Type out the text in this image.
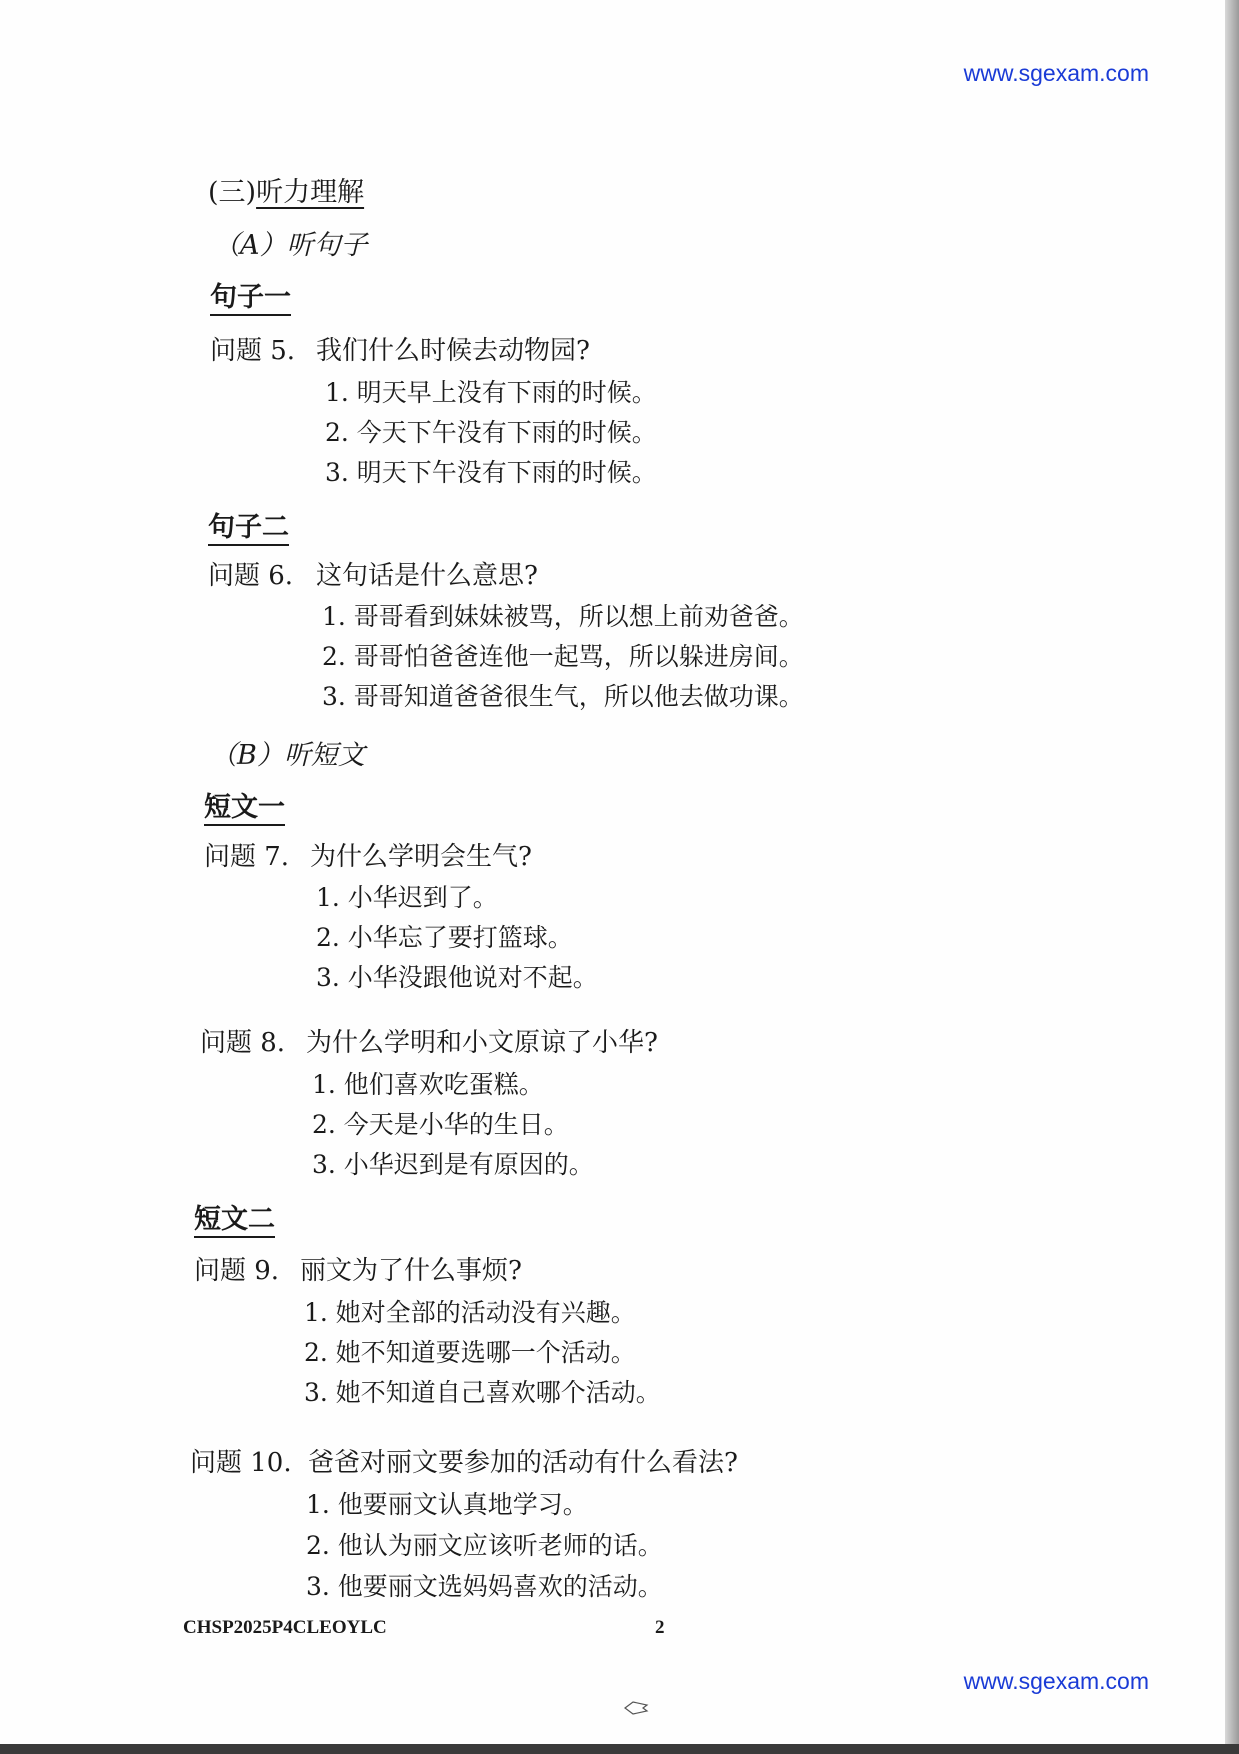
www.sgexam.com
(三)听力理解
（A）听句子
句子一
问题 5. 我们什么时候去动物园?
1. 明天早上没有下雨的时候。
2. 今天下午没有下雨的时候。
3. 明天下午没有下雨的时候。
句子二
问题 6. 这句话是什么意思?
1. 哥哥看到妹妹被骂，所以想上前劝爸爸。
2. 哥哥怕爸爸连他一起骂，所以躲进房间。
3. 哥哥知道爸爸很生气，所以他去做功课。
（B）听短文
短文一
问题 7. 为什么学明会生气?
1. 小华迟到了。
2. 小华忘了要打篮球。
3. 小华没跟他说对不起。
问题 8. 为什么学明和小文原谅了小华?
1. 他们喜欢吃蛋糕。
2. 今天是小华的生日。
3. 小华迟到是有原因的。
短文二
问题 9. 丽文为了什么事烦?
1. 她对全部的活动没有兴趣。
2. 她不知道要选哪一个活动。
3. 她不知道自己喜欢哪个活动。
问题 10. 爸爸对丽文要参加的活动有什么看法?
1. 他要丽文认真地学习。
2. 他认为丽文应该听老师的话。
3. 他要丽文选妈妈喜欢的活动。
CHSP2025P4CLEOYLC	2
www.sgexam.com
